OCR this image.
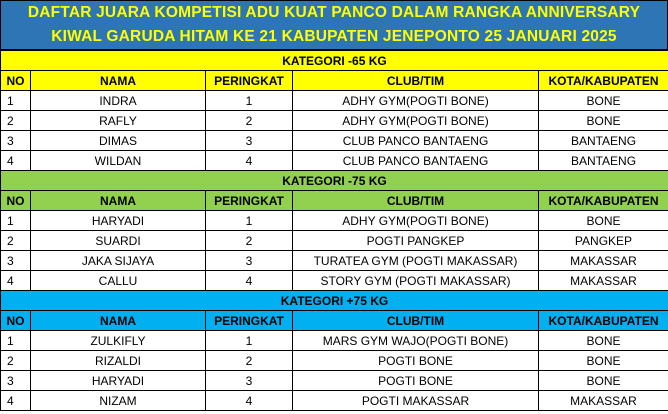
DAFTAR JUARA KOMPETISI ADU KUAT PANCO DALAM RANGKA ANNIVERSARY
KIWAL GARUDA HITAM KE 21 KABUPATEN JENEPONTO 25 JANUARI 2025
KATEGORI -65 KG				
NO	NAMA	PERINGKAT	CLUB/TIM	KOTA/KABUPATEN
1	INDRA	1	ADHY GYM(POGTI BONE)	BONE
2	RAFLY	2	ADHY GYM(POGTI BONE)	BONE
3	DIMAS	3	CLUB PANCO BANTAENG	BANTAENG
4	WILDAN	4	CLUB PANCO BANTAENG	BANTAENG
KATEGORI -75 KG				
NO	NAMA	PERINGKAT	CLUB/TIM	KOTA/KABUPATEN
1	HARYADI	1	ADHY GYM(POGTI BONE)	BONE
2	SUARDI	2	POGTI PANGKEP	PANGKEP
3	JAKA SIJAYA	3	TURATEA GYM (POGTI MAKASSAR)	MAKASSAR
4	CALLU	4	STORY GYM (POGTI MAKASSAR)	MAKASSAR
KATEGORI +75 KG				
NO	NAMA	PERINGKAT	CLUB/TIM	KOTA/KABUPATEN
1	ZULKIFLY	1	MARS GYM WAJO(POGTI BONE)	BONE
2	RIZALDI	2	POGTI BONE	BONE
3	HARYADI	3	POGTI BONE	BONE
4	NIZAM	4	POGTI MAKASSAR	MAKASSAR
